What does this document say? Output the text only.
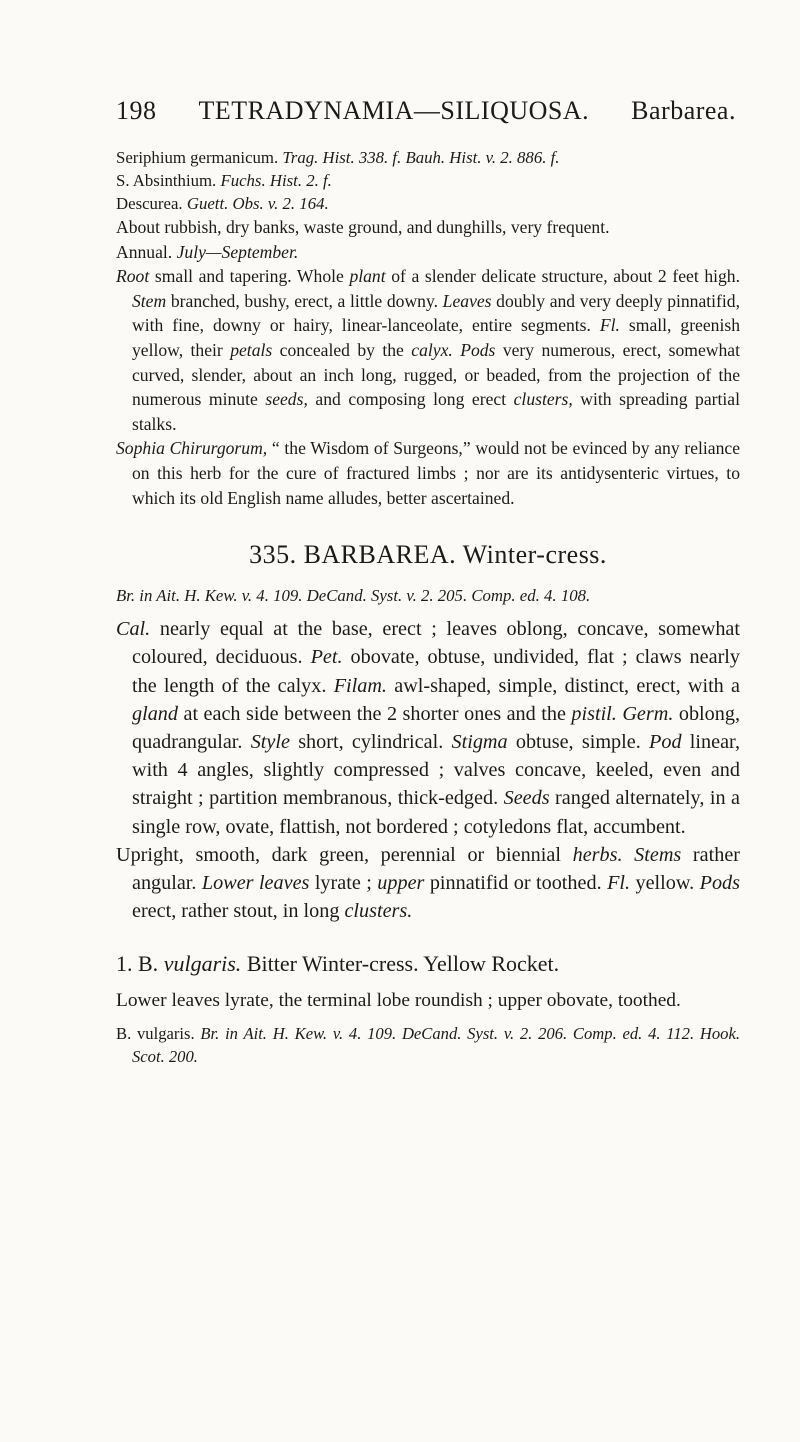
198 TETRADYNAMIA—SILIQUOSA. Barbarea.

Seriphium germanicum. Trag. Hist. 338. f. Bauh. Hist. v. 2. 886. f.

S. Absinthium. Fuchs. Hist. 2. f.

Descurea. Guett. Obs. v. 2. 164.

About rubbish, dry banks, waste ground, and dunghills, very frequent.

Annual. July—September.

Root small and tapering. Whole plant of a slender delicate structure, about 2 feet high. Stem branched, bushy, erect, a little downy. Leaves doubly and very deeply pinnatifid, with fine, downy or hairy, linear-lanceolate, entire segments. Fl. small, greenish yellow, their petals concealed by the calyx. Pods very numerous, erect, somewhat curved, slender, about an inch long, rugged, or beaded, from the projection of the numerous minute seeds, and composing long erect clusters, with spreading partial stalks.

Sophia Chirurgorum, “ the Wisdom of Surgeons,” would not be evinced by any reliance on this herb for the cure of fractured limbs ; nor are its antidysenteric virtues, to which its old English name alludes, better ascertained.

335. BARBAREA. Winter-cress.

Br. in Ait. H. Kew. v. 4. 109. DeCand. Syst. v. 2. 205. Comp. ed. 4. 108.

Cal. nearly equal at the base, erect ; leaves oblong, concave, somewhat coloured, deciduous. Pet. obovate, obtuse, undivided, flat ; claws nearly the length of the calyx. Filam. awl-shaped, simple, distinct, erect, with a gland at each side between the 2 shorter ones and the pistil. Germ. oblong, quadrangular. Style short, cylindrical. Stigma obtuse, simple. Pod linear, with 4 angles, slightly compressed ; valves concave, keeled, even and straight ; partition membranous, thick-edged. Seeds ranged alternately, in a single row, ovate, flattish, not bordered ; cotyledons flat, accumbent.

Upright, smooth, dark green, perennial or biennial herbs. Stems rather angular. Lower leaves lyrate ; upper pinnatifid or toothed. Fl. yellow. Pods erect, rather stout, in long clusters.

1. B. vulgaris. Bitter Winter-cress. Yellow Rocket.

Lower leaves lyrate, the terminal lobe roundish ; upper obovate, toothed.

B. vulgaris. Br. in Ait. H. Kew. v. 4. 109. DeCand. Syst. v. 2. 206. Comp. ed. 4. 112. Hook. Scot. 200.
